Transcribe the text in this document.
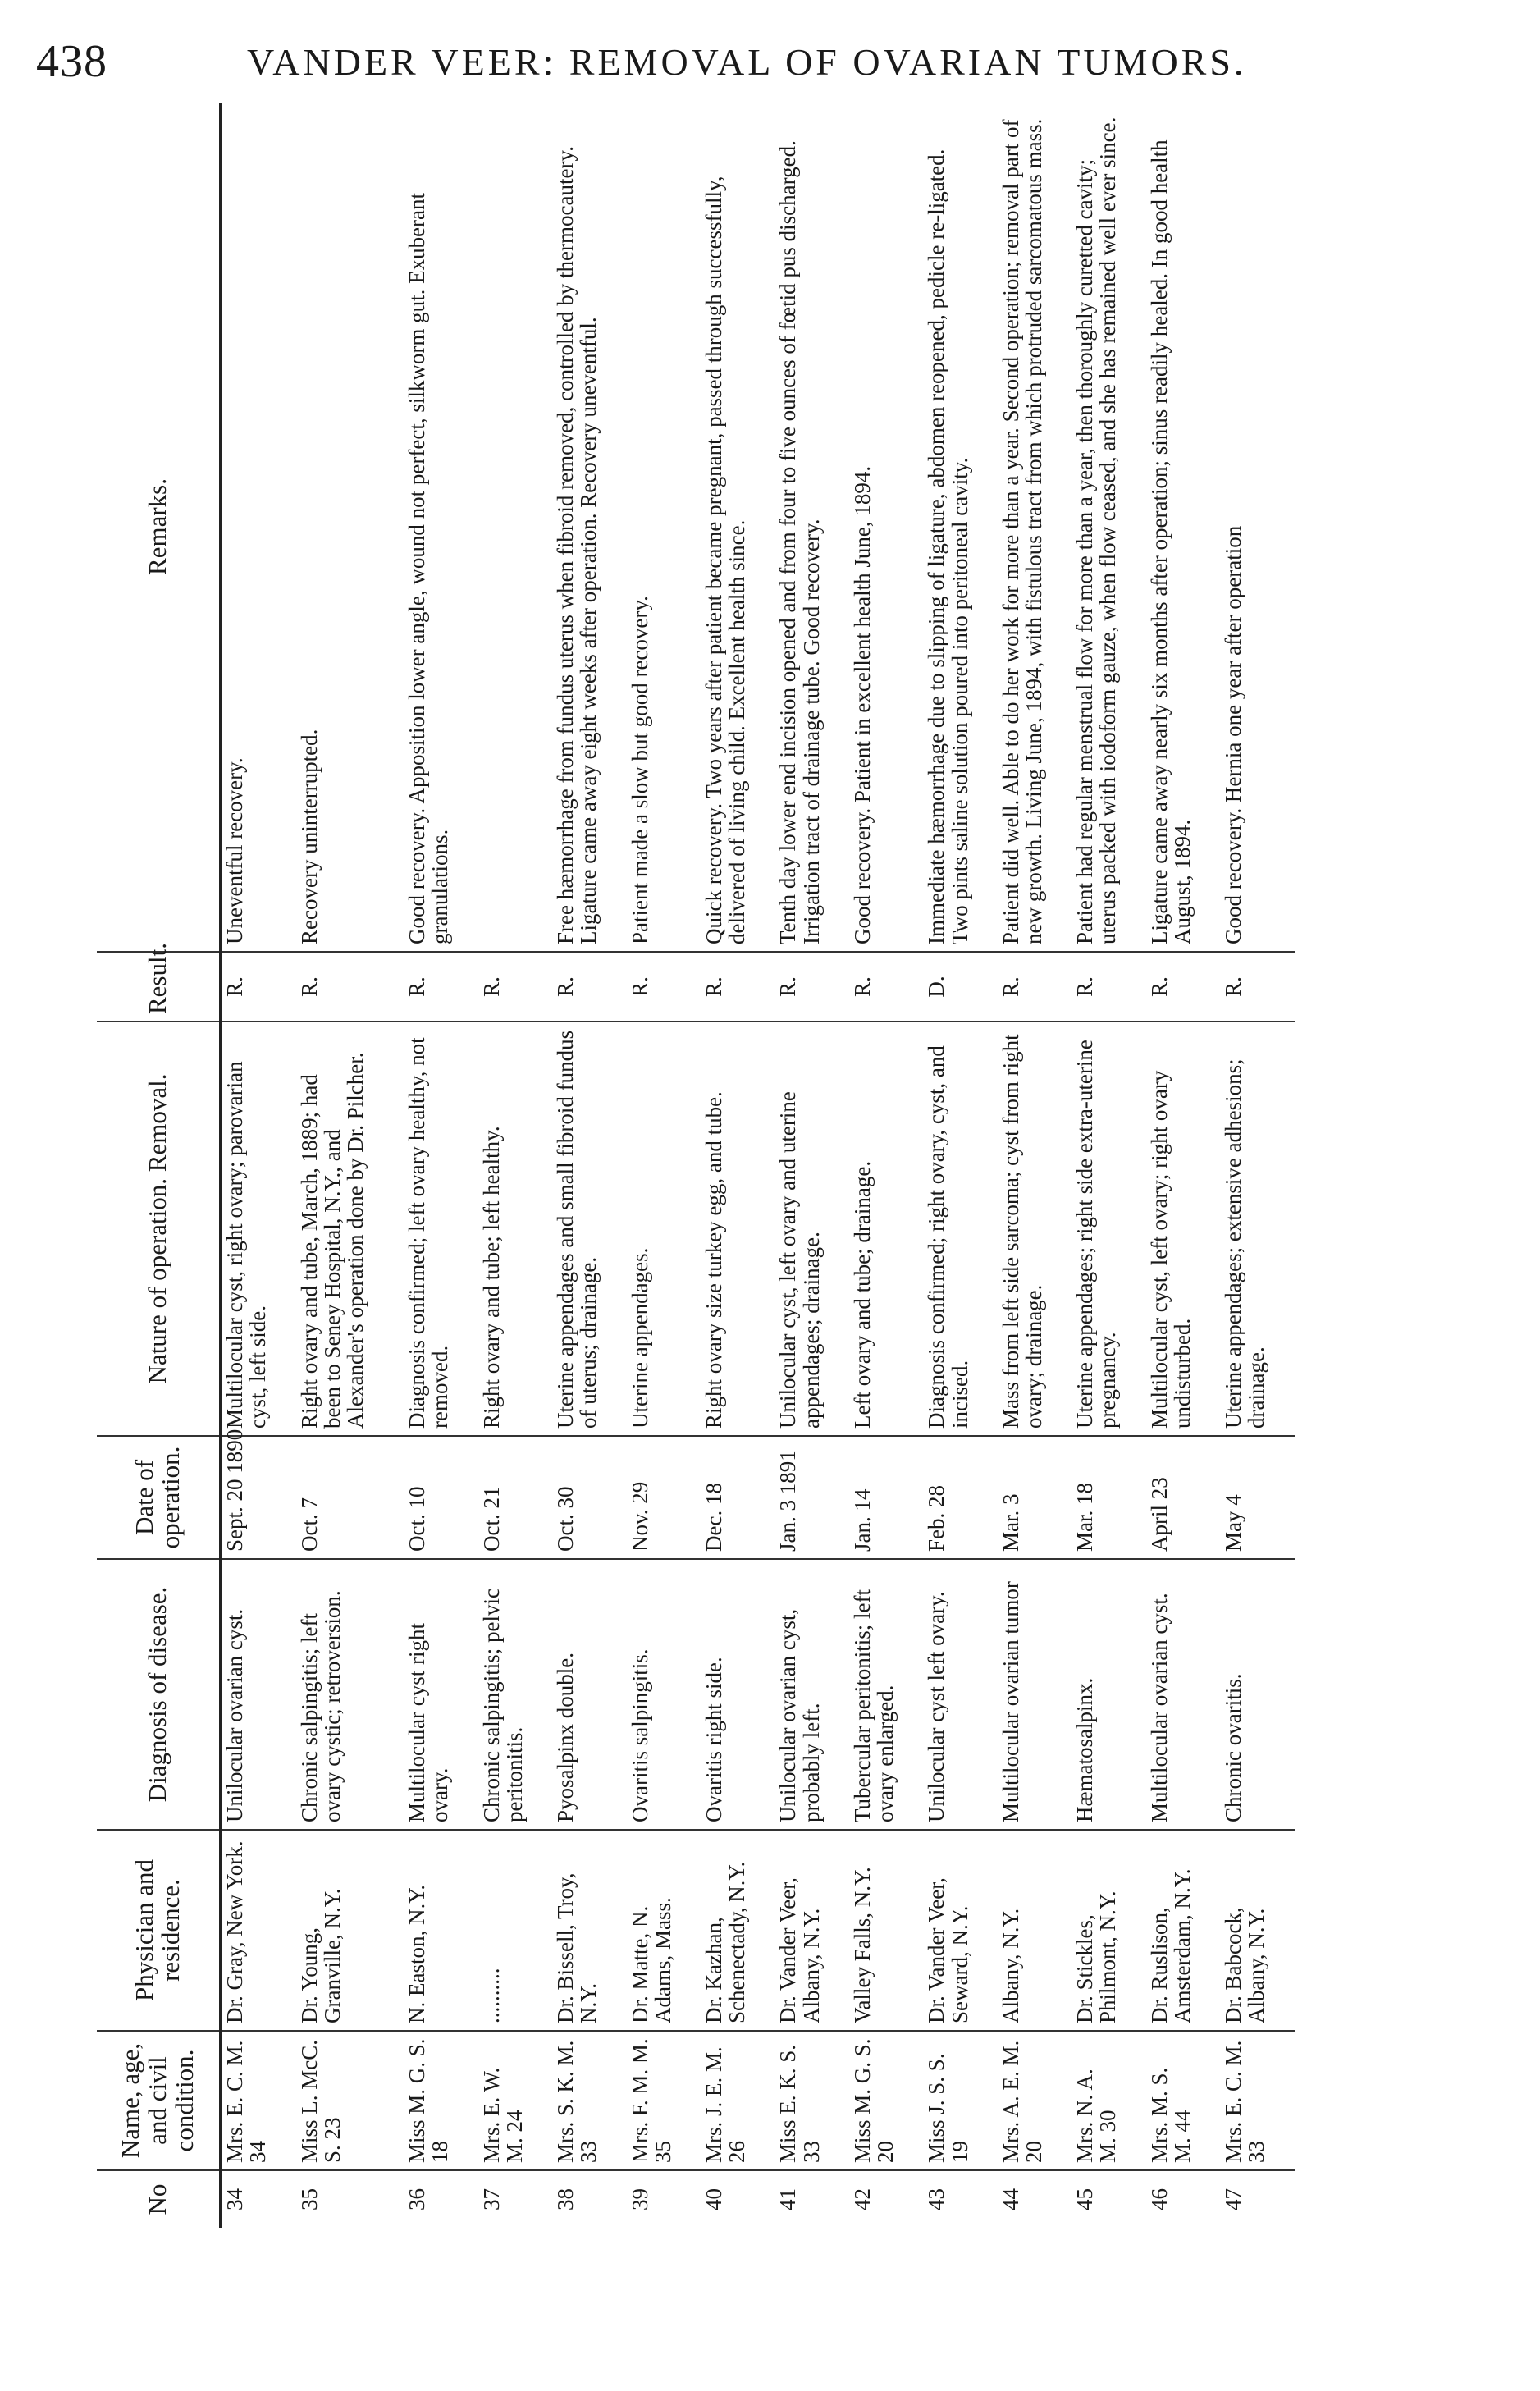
438	VANDER VEER: REMOVAL OF OVARIAN TUMORS.
No	Name, age, and civil condition.	Physician and residence.	Diagnosis of disease.	Date of operation.	Nature of operation. Removal.	Result.	Remarks.
34	Mrs. E. C. M. 34	Dr. Gray, New York.	Unilocular ovarian cyst.	Sept. 20 1890	Multilocular cyst, right ovary; parovarian cyst, left side.	R.	Uneventful recovery.
35	Miss L. McC. S. 23	Dr. Young, Granville, N.Y.	Chronic salpingitis; left ovary cystic; retroversion.	Oct. 7	Right ovary and tube, March, 1889; had been to Seney Hospital, N.Y., and Alexander's operation done by Dr. Pilcher.	R.	Recovery uninterrupted.
36	Miss M. G. S. 18	N. Easton, N.Y.	Multilocular cyst right ovary.	Oct. 10	Diagnosis confirmed; left ovary healthy, not removed.	R.	Good recovery. Apposition lower angle, wound not perfect, silkworm gut. Exuberant granulations.
37	Mrs. E. W. M. 24	..........	Chronic salpingitis; pelvic peritonitis.	Oct. 21	Right ovary and tube; left healthy.	R.	
38	Mrs. S. K. M. 33	Dr. Bissell, Troy, N.Y.	Pyosalpinx double.	Oct. 30	Uterine appendages and small fibroid fundus of uterus; drainage.	R.	Free hæmorrhage from fundus uterus when fibroid removed, controlled by thermocautery. Ligature came away eight weeks after operation. Recovery uneventful.
39	Mrs. F. M. M. 35	Dr. Matte, N. Adams, Mass.	Ovaritis salpingitis.	Nov. 29	Uterine appendages.	R.	Patient made a slow but good recovery.
40	Mrs. J. E. M. 26	Dr. Kazhan, Schenectady, N.Y.	Ovaritis right side.	Dec. 18	Right ovary size turkey egg, and tube.	R.	Quick recovery. Two years after patient became pregnant, passed through successfully, delivered of living child. Excellent health since.
41	Miss E. K. S. 33	Dr. Vander Veer, Albany, N.Y.	Unilocular ovarian cyst, probably left.	Jan. 3 1891	Unilocular cyst, left ovary and uterine appendages; drainage.	R.	Tenth day lower end incision opened and from four to five ounces of fœtid pus discharged. Irrigation tract of drainage tube. Good recovery.
42	Miss M. G. S. 20	Valley Falls, N.Y.	Tubercular peritonitis; left ovary enlarged.	Jan. 14	Left ovary and tube; drainage.	R.	Good recovery. Patient in excellent health June, 1894.
43	Miss J. S. S. 19	Dr. Vander Veer, Seward, N.Y.	Unilocular cyst left ovary.	Feb. 28	Diagnosis confirmed; right ovary, cyst, and incised.	D.	Immediate hæmorrhage due to slipping of ligature, abdomen reopened, pedicle re-ligated. Two pints saline solution poured into peritoneal cavity.
44	Mrs. A. E. M. 20	Albany, N.Y.	Multilocular ovarian tumor	Mar. 3	Mass from left side sarcoma; cyst from right ovary; drainage.	R.	Patient did well. Able to do her work for more than a year. Second operation; removal part of new growth. Living June, 1894, with fistulous tract from which protruded sarcomatous mass.
45	Mrs. N. A. M. 30	Dr. Stickles, Philmont, N.Y.	Hæmatosalpinx.	Mar. 18	Uterine appendages; right side extra-uterine pregnancy.	R.	Patient had regular menstrual flow for more than a year, then thoroughly curetted cavity; uterus packed with iodoform gauze, when flow ceased, and she has remained well ever since.
46	Mrs. M. S. M. 44	Dr. Ruslison, Amsterdam, N.Y.	Multilocular ovarian cyst.	April 23	Multilocular cyst, left ovary; right ovary undisturbed.	R.	Ligature came away nearly six months after operation; sinus readily healed. In good health August, 1894.
47	Mrs. E. C. M. 33	Dr. Babcock, Albany, N.Y.	Chronic ovaritis.	May 4	Uterine appendages; extensive adhesions; drainage.	R.	Good recovery. Hernia one year after operation
